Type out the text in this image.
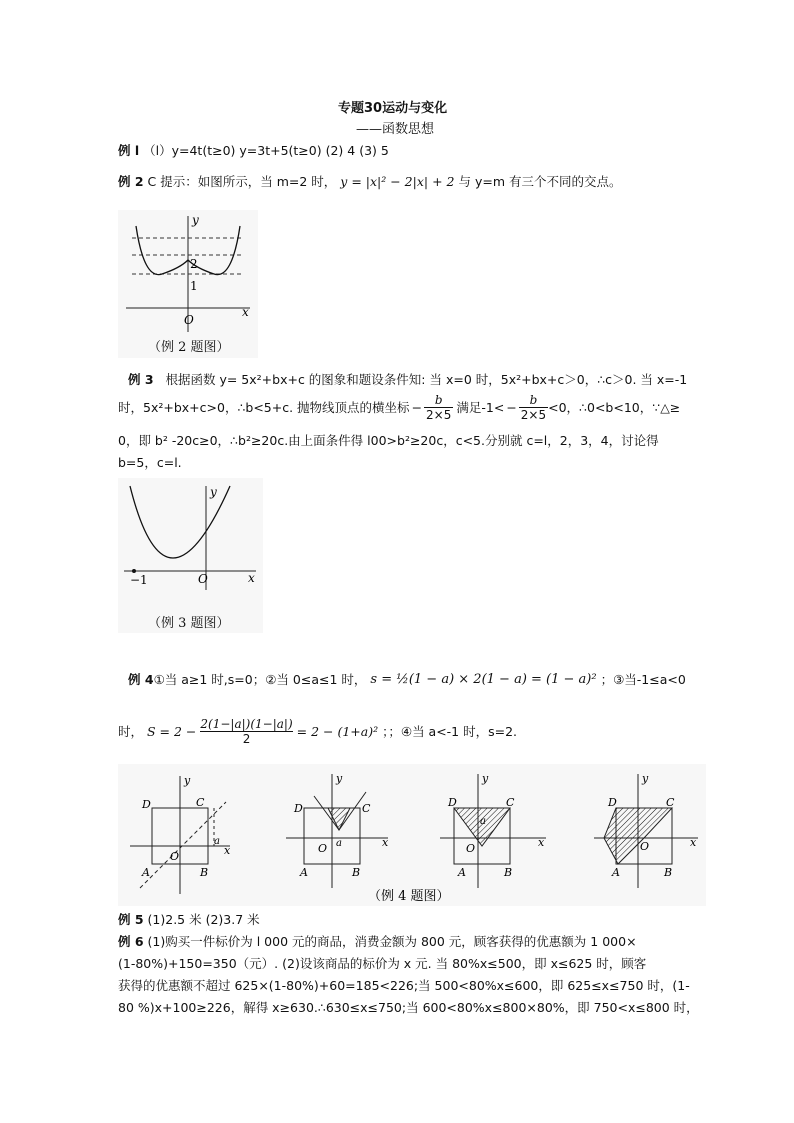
专题30运动与变化
——函数思想
例 l （l）y=4t(t≥0) y=3t+5(t≥0) (2) 4 (3) 5
例 2 C 提示：如图所示，当 m=2 时， y = |x|² − 2|x| + 2 与 y=m 有三个不同的交点。
y
x
2
1
O
（例 2 题图）
例 3 根据函数 y= 5x²+bx+c 的图象和题设条件知: 当 x=0 时，5x²+bx+c＞0，∴c＞0. 当 x=-1
时，5x²+bx+c>0，∴b<5+c. 抛物线顶点的横坐标 − $\frac{b}{2\times 5}$ 满足$-1< - \frac{b}{2\times 5} <0$，∴0<b<10，∵△≥
0，即 b² -20c≥0，∴b²≥20c.由上面条件得 l00>b²≥20c，c<5.分别就 c=l，2，3，4，讨论得
b=5，c=l.
y
x
O
−1
（例 3 题图）
例 4 ①当 a≥1 时,s=0；②当 0≤a≤1 时， s = ½(1 − a) × 2(1 − a) = (1 − a)² ；③当-1≤a<0
时， $S = 2 - \frac{2(1-|a|)(1-|a|)}{2} = 2 - (1+a)^2$ ；；④当 a<-1 时，s=2.
y
x
D	C
A	B
O
a
y
x
D	C
A	B
O a
y
x
D	C
A	B
O
a
y
x
D	C
A	B
O
（例 4 题图）
例 5 (1)2.5 米 (2)3.7 米
例 6 (1)购买一件标价为 l 000 元的商品，消费金额为 800 元，顾客获得的优惠额为 1 000×
(1-80%)+150=350（元）. (2)设该商品的标价为 x 元. 当 80%x≤500，即 x≤625 时，顾客
获得的优惠额不超过 625×(1-80%)+60=185<226;当 500<80%x≤600，即 625≤x≤750 时，(1-
80 %)x+100≥226，解得 x≥630.∴630≤x≤750;当 600<80%x≤800×80%，即 750<x≤800 时，
